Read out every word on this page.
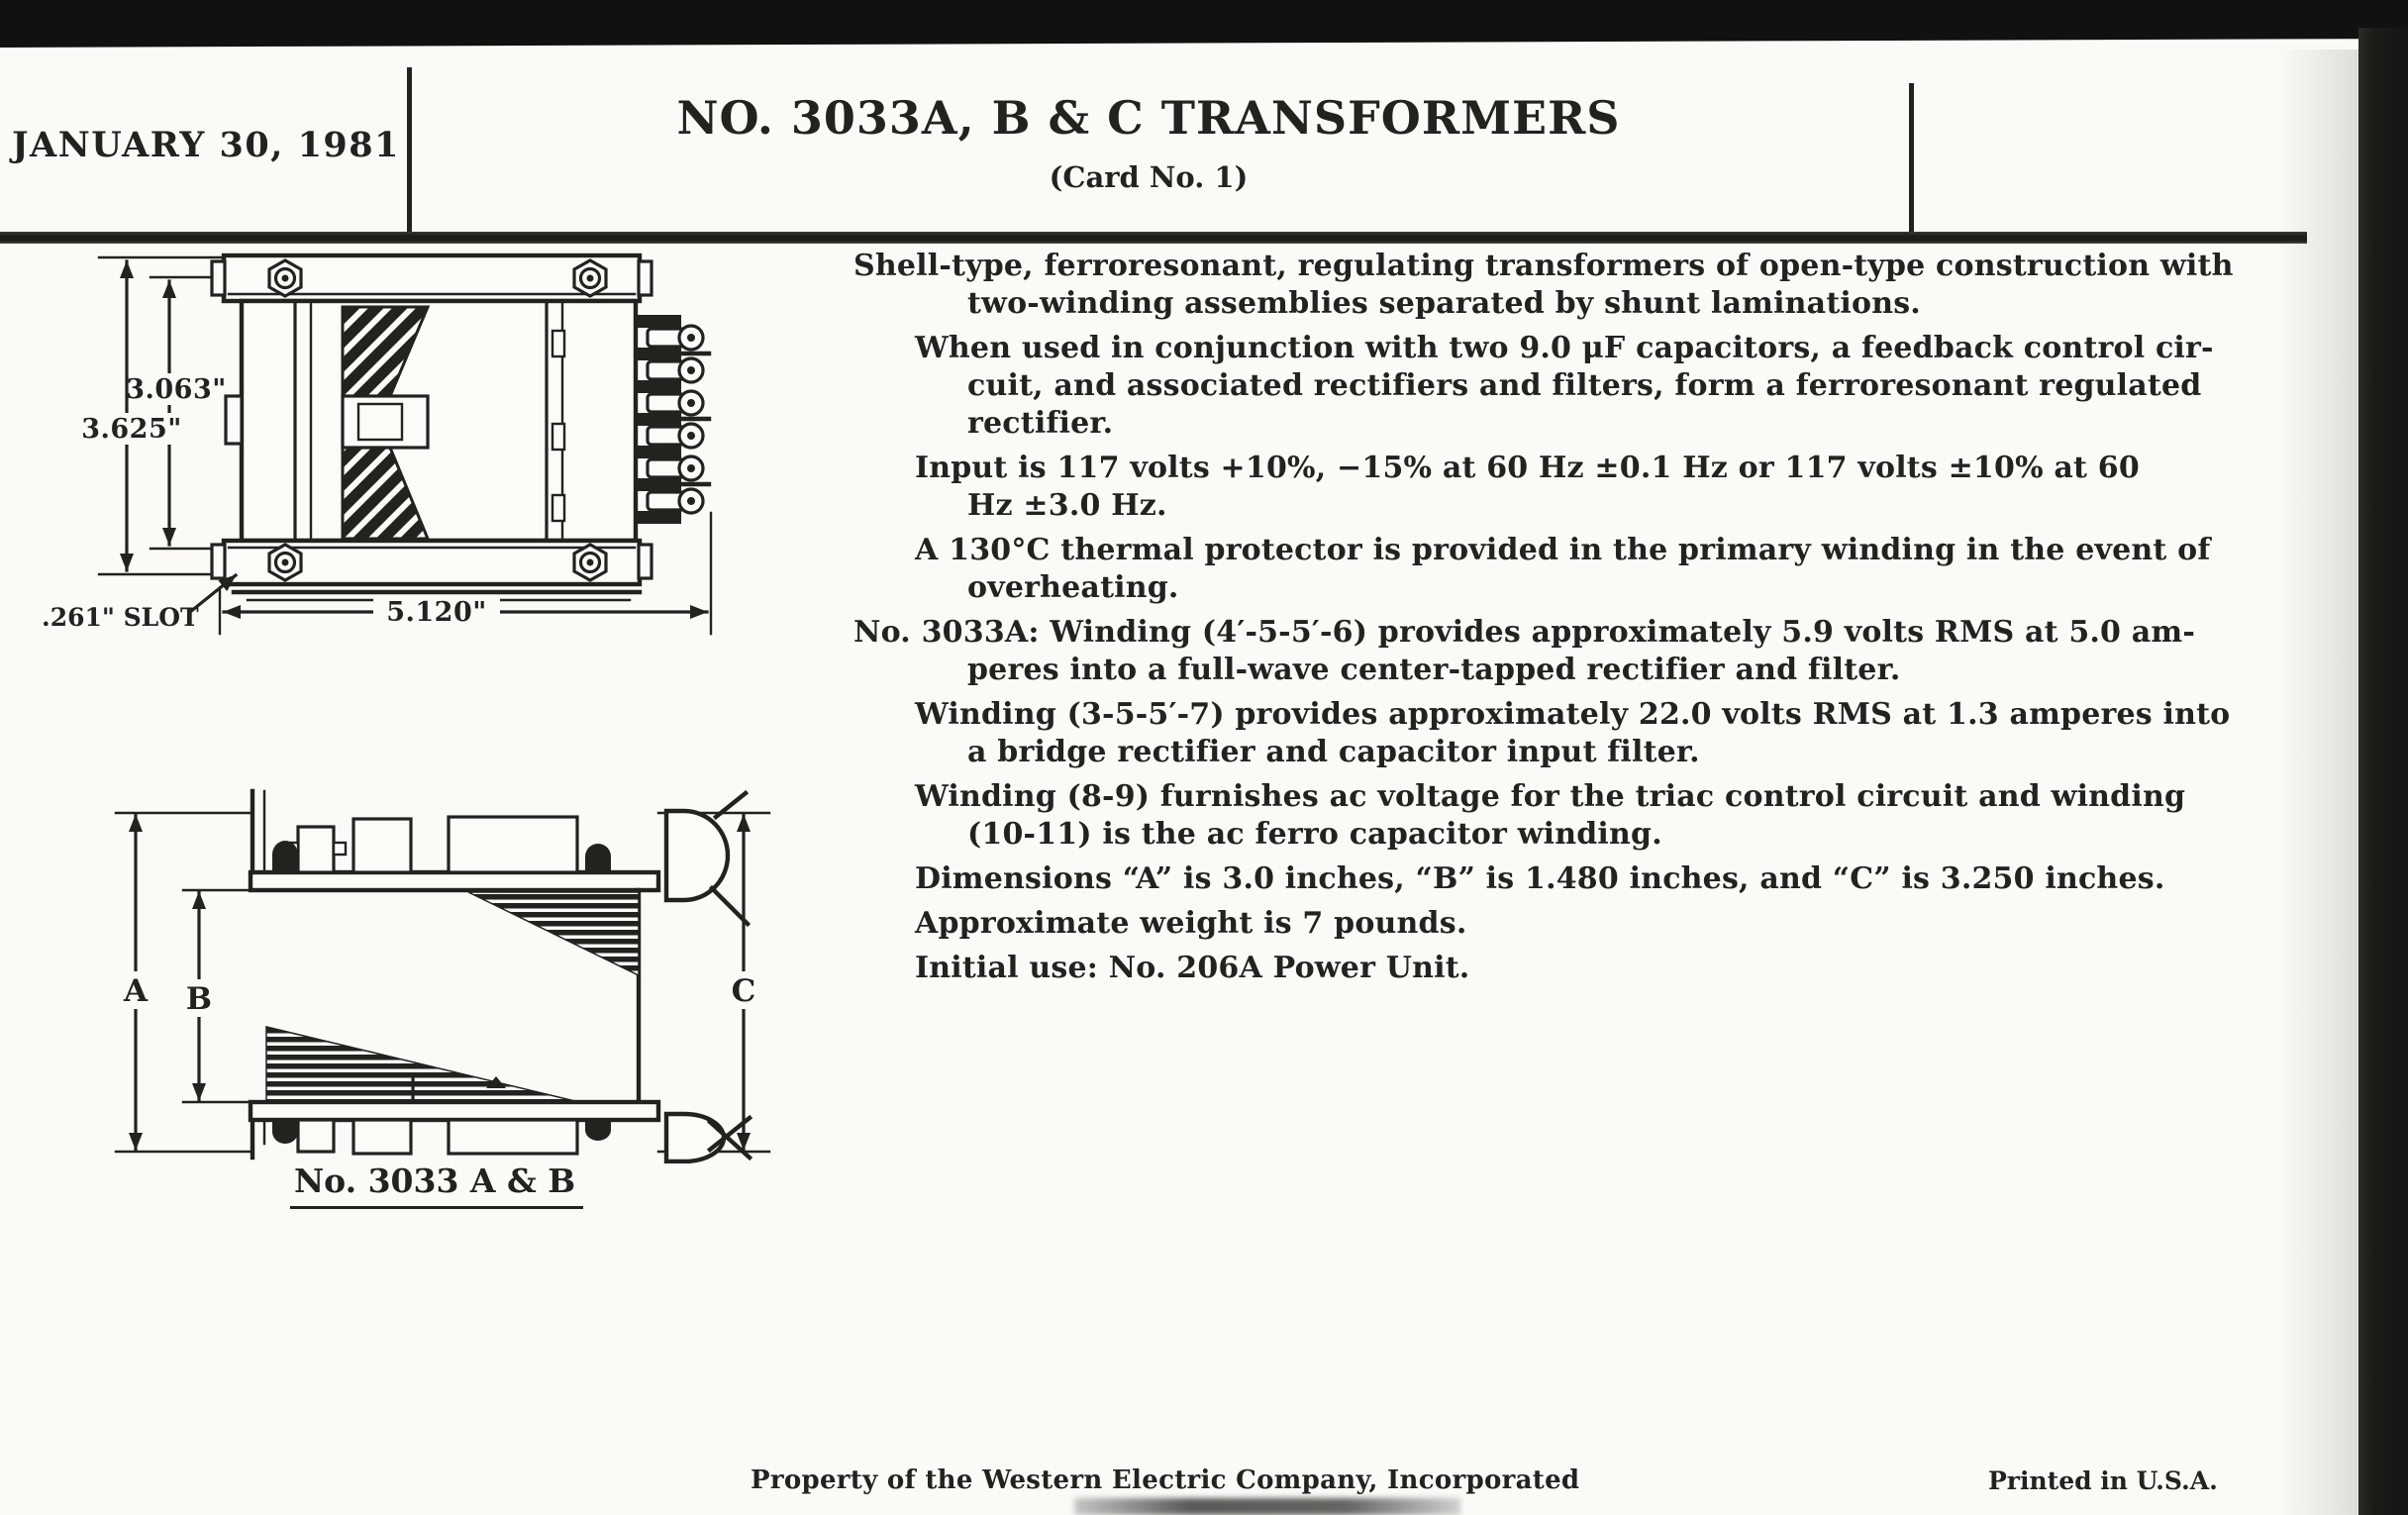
JANUARY 30, 1981
NO. 3033A, B & C TRANSFORMERS
(Card No. 1)
Shell-type, ferroresonant, regulating transformers of open-type construction with
two-winding assemblies separated by shunt laminations.
When used in conjunction with two 9.0 μF capacitors, a feedback control cir-
cuit, and associated rectifiers and filters, form a ferroresonant regulated
rectifier.
Input is 117 volts +10%, −15% at 60 Hz ±0.1 Hz or 117 volts ±10% at 60
Hz ±3.0 Hz.
A 130°C thermal protector is provided in the primary winding in the event of
overheating.
No. 3033A: Winding (4′-5-5′-6) provides approximately 5.9 volts RMS at 5.0 am-
peres into a full-wave center-tapped rectifier and filter.
Winding (3-5-5′-7) provides approximately 22.0 volts RMS at 1.3 amperes into
a bridge rectifier and capacitor input filter.
Winding (8-9) furnishes ac voltage for the triac control circuit and winding
(10-11) is the ac ferro capacitor winding.
Dimensions “A” is 3.0 inches, “B” is 1.480 inches, and “C” is 3.250 inches.
Approximate weight is 7 pounds.
Initial use: No. 206A Power Unit.
5.120"
3.063"
3.625"
.261" SLOT
A B	C
No. 3033 A & B
Property of the Western Electric Company, Incorporated	Printed in U.S.A.
